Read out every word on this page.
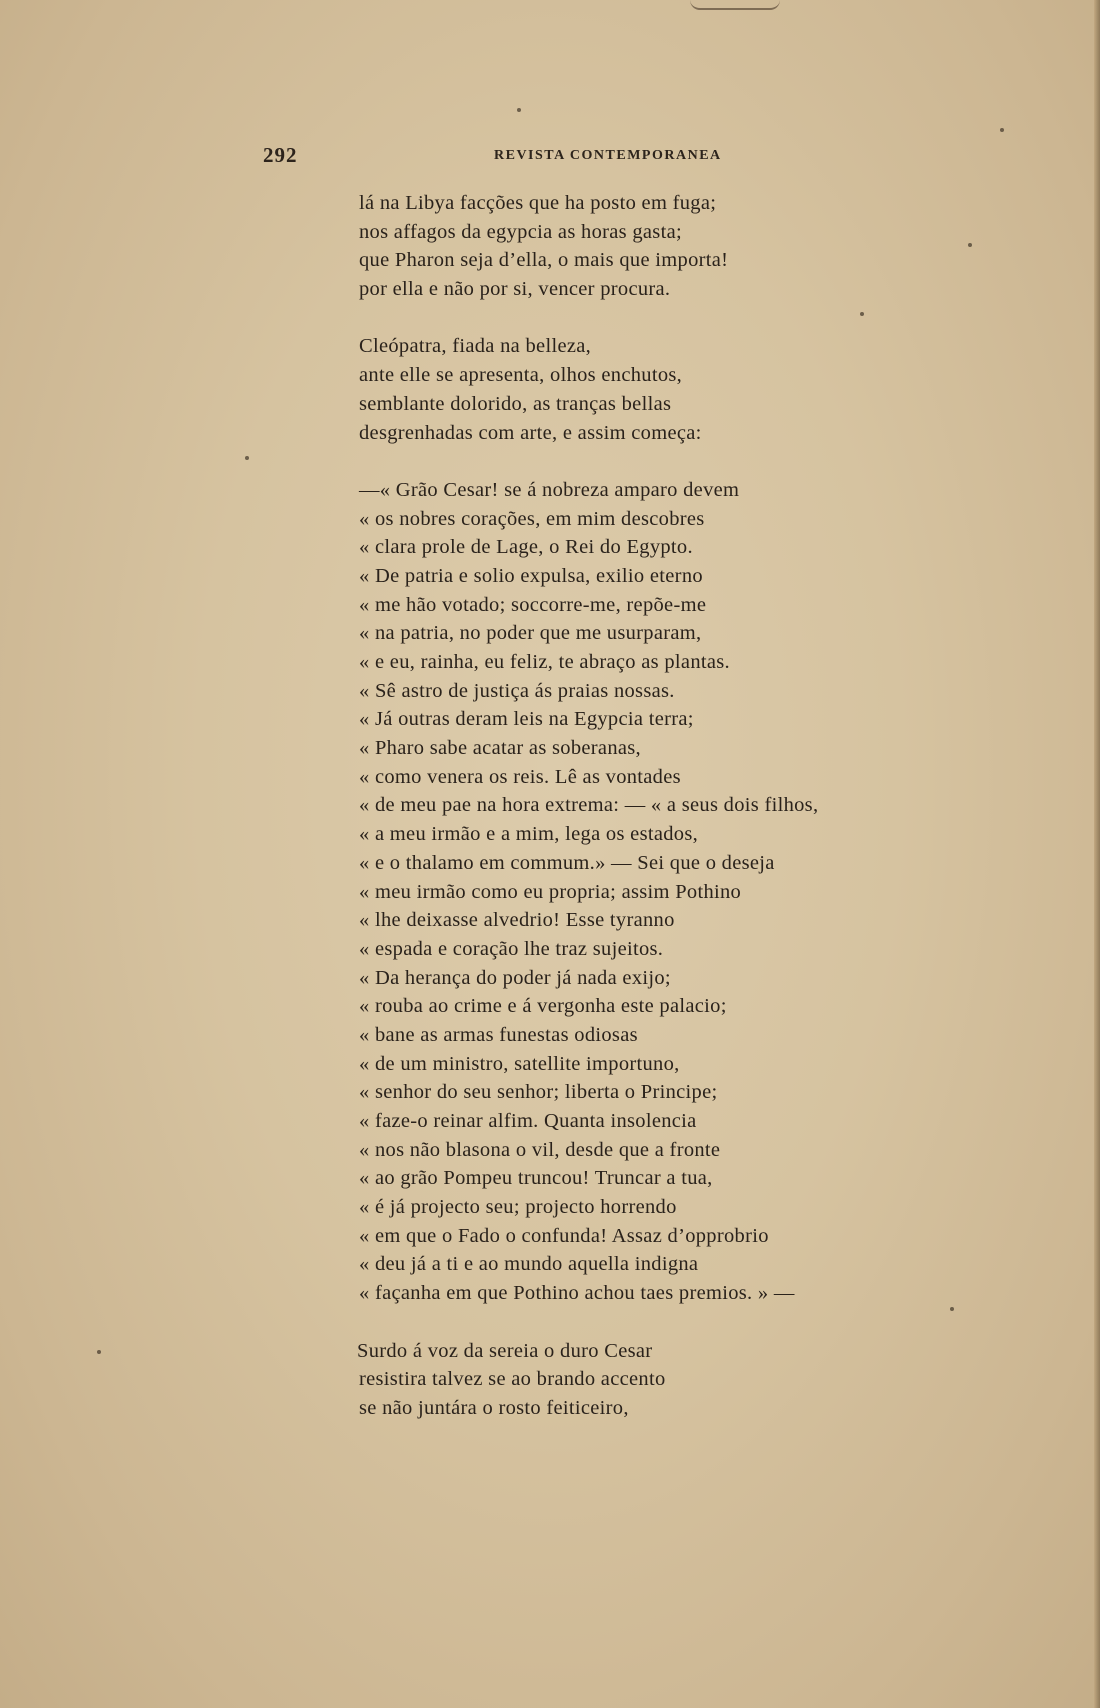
292	REVISTA CONTEMPORANEA
lá na Libya facções que ha posto em fuga;
nos affagos da egypcia as horas gasta;
que Pharon seja d’ella, o mais que importa!
por ella e não por si, vencer procura.
Cleópatra, fiada na belleza,
ante elle se apresenta, olhos enchutos,
semblante dolorido, as tranças bellas
desgrenhadas com arte, e assim começa:
—« Grão Cesar! se á nobreza amparo devem
« os nobres corações, em mim descobres
« clara prole de Lage, o Rei do Egypto.
« De patria e solio expulsa, exilio eterno
« me hão votado; soccorre-me, repõe-me
« na patria, no poder que me usurparam,
« e eu, rainha, eu feliz, te abraço as plantas.
« Sê astro de justiça ás praias nossas.
« Já outras deram leis na Egypcia terra;
« Pharo sabe acatar as soberanas,
« como venera os reis. Lê as vontades
« de meu pae na hora extrema: — « a seus dois filhos,
« a meu irmão e a mim, lega os estados,
« e o thalamo em commum.» — Sei que o deseja
« meu irmão como eu propria; assim Pothino
« lhe deixasse alvedrio! Esse tyranno
« espada e coração lhe traz sujeitos.
« Da herança do poder já nada exijo;
« rouba ao crime e á vergonha este palacio;
« bane as armas funestas odiosas
« de um ministro, satellite importuno,
« senhor do seu senhor; liberta o Principe;
« faze-o reinar alfim. Quanta insolencia
« nos não blasona o vil, desde que a fronte
« ao grão Pompeu truncou! Truncar a tua,
« é já projecto seu; projecto horrendo
« em que o Fado o confunda! Assaz d’opprobrio
« deu já a ti e ao mundo aquella indigna
« façanha em que Pothino achou taes premios. » —
Surdo á voz da sereia o duro Cesar
resistira talvez se ao brando accento
se não juntára o rosto feiticeiro,
